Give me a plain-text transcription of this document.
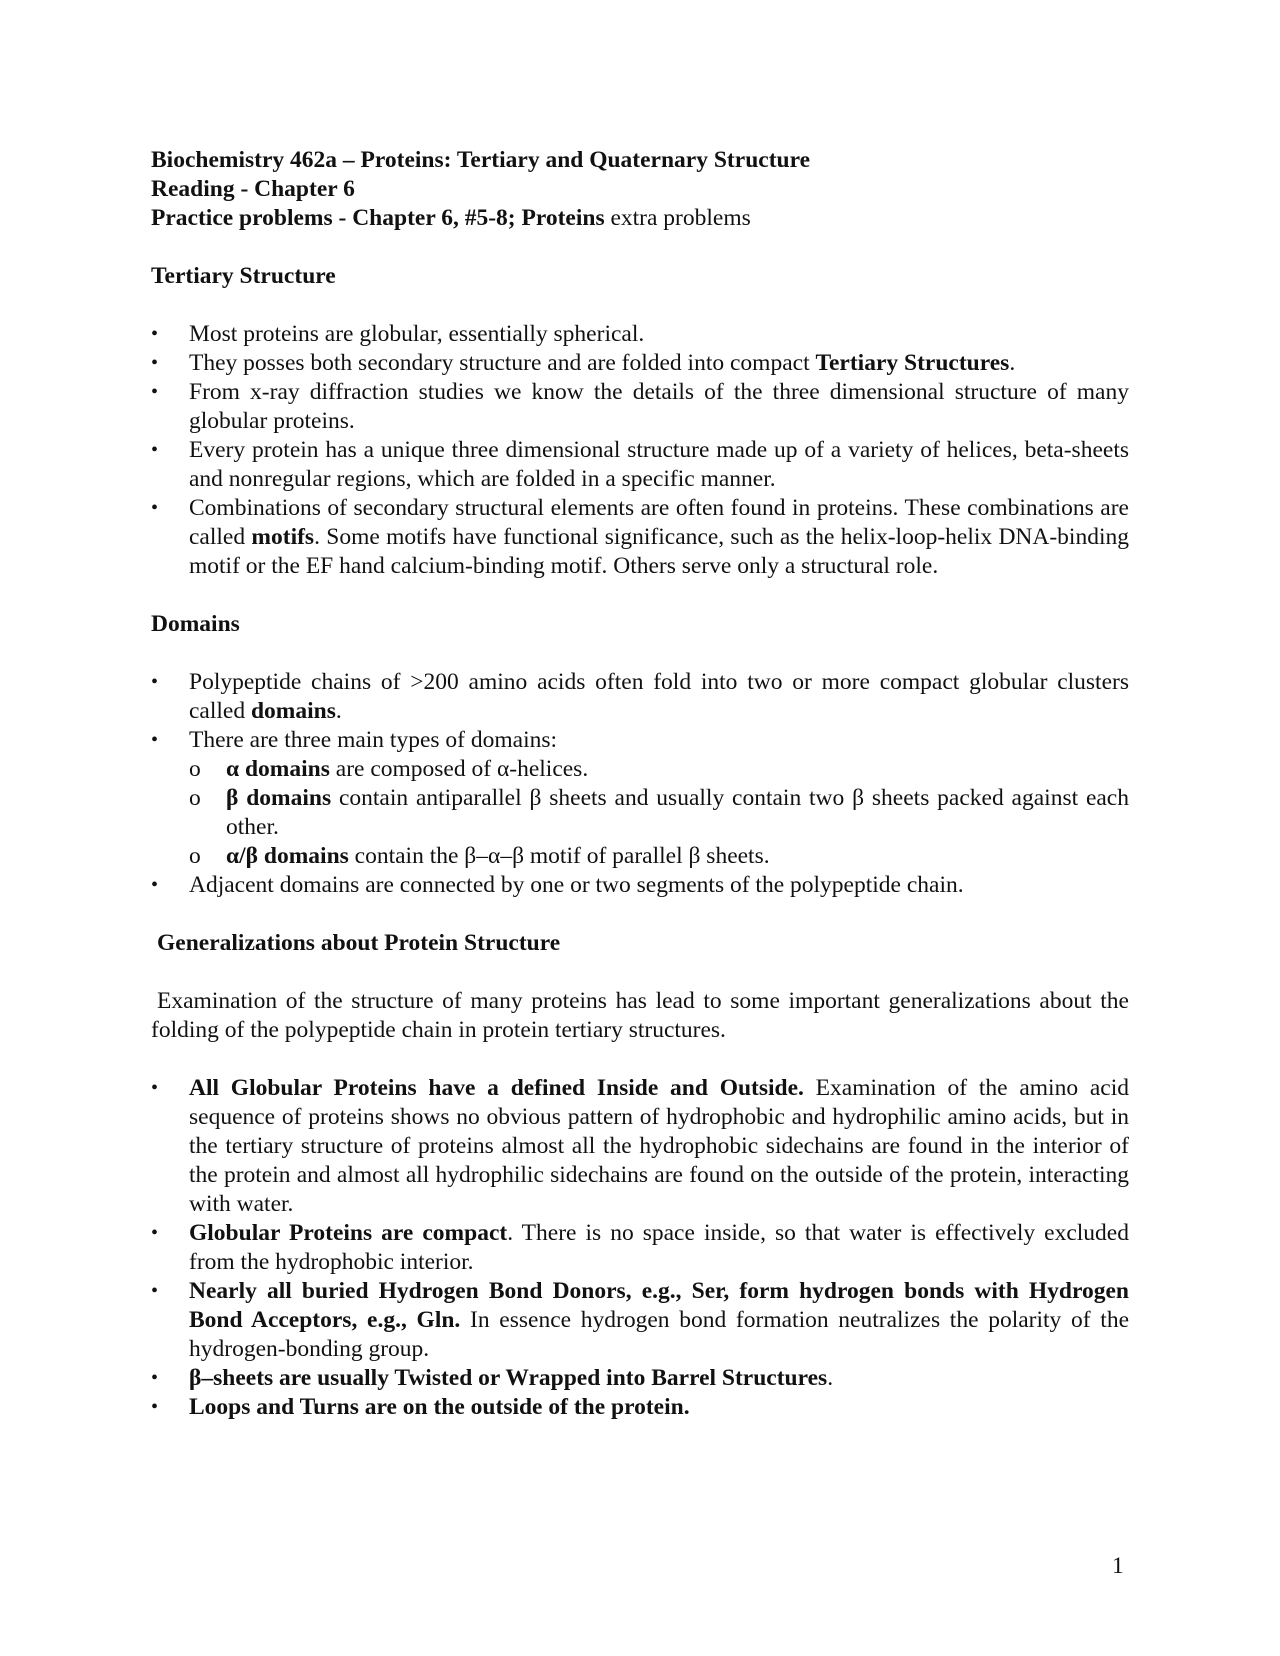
Biochemistry 462a – Proteins: Tertiary and Quaternary Structure

Reading - Chapter 6

Practice problems - Chapter 6, #5-8; Proteins extra problems

Tertiary Structure

• Most proteins are globular, essentially spherical.
• They posses both secondary structure and are folded into compact Tertiary Structures.
• From x-ray diffraction studies we know the details of the three dimensional structure of many globular proteins.
• Every protein has a unique three dimensional structure made up of a variety of helices, beta-sheets and nonregular regions, which are folded in a specific manner.
• Combinations of secondary structural elements are often found in proteins. These combinations are called motifs. Some motifs have functional significance, such as the helix-loop-helix DNA-binding motif or the EF hand calcium-binding motif. Others serve only a structural role.

Domains

• Polypeptide chains of >200 amino acids often fold into two or more compact globular clusters called domains.
• There are three main types of domains:
o α domains are composed of α-helices.
o β domains contain antiparallel β sheets and usually contain two β sheets packed against each other.
o α/β domains contain the β–α–β motif of parallel β sheets.
• Adjacent domains are connected by one or two segments of the polypeptide chain.

Generalizations about Protein Structure

Examination of the structure of many proteins has lead to some important generalizations about the folding of the polypeptide chain in protein tertiary structures.

• All Globular Proteins have a defined Inside and Outside. Examination of the amino acid sequence of proteins shows no obvious pattern of hydrophobic and hydrophilic amino acids, but in the tertiary structure of proteins almost all the hydrophobic sidechains are found in the interior of the protein and almost all hydrophilic sidechains are found on the outside of the protein, interacting with water.
• Globular Proteins are compact. There is no space inside, so that water is effectively excluded from the hydrophobic interior.
• Nearly all buried Hydrogen Bond Donors, e.g., Ser, form hydrogen bonds with Hydrogen Bond Acceptors, e.g., Gln. In essence hydrogen bond formation neutralizes the polarity of the hydrogen-bonding group.
• β–sheets are usually Twisted or Wrapped into Barrel Structures.
• Loops and Turns are on the outside of the protein.
1
